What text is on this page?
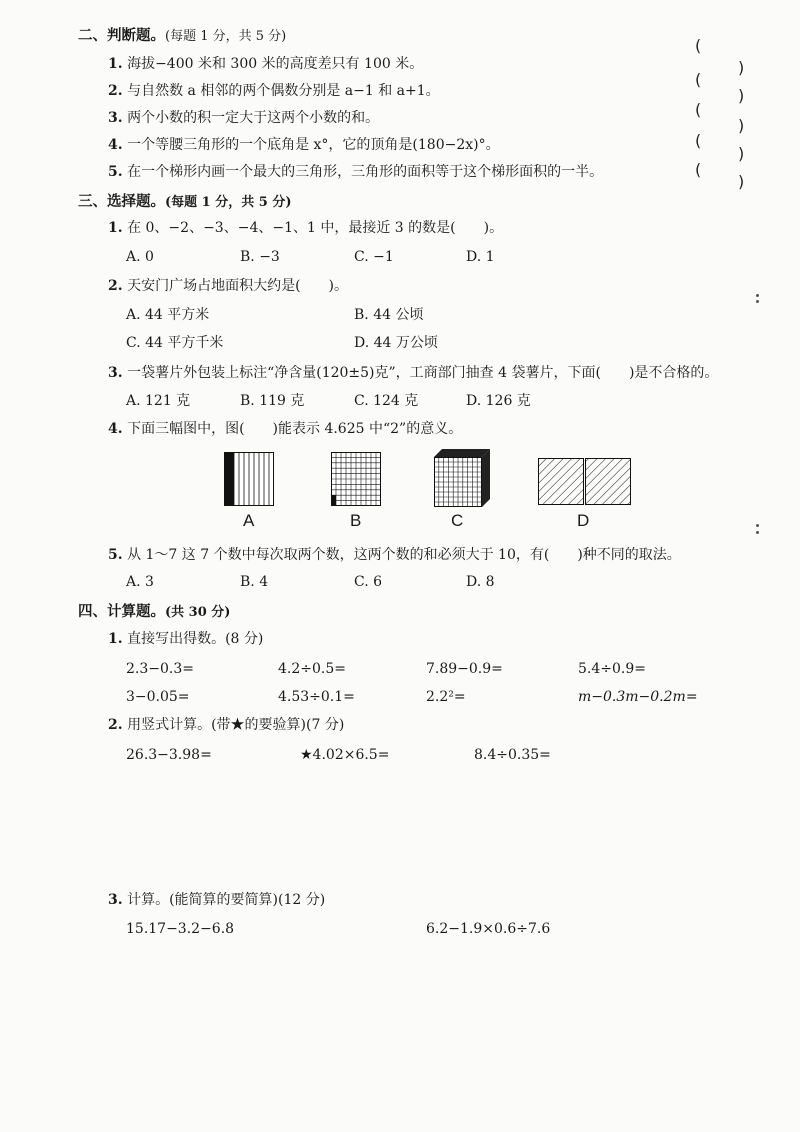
二、判断题。(每题 1 分，共 5 分)
1. 海拔−400 米和 300 米的高度差只有 100 米。
2. 与自然数 a 相邻的两个偶数分别是 a−1 和 a+1。
3. 两个小数的积一定大于这两个小数的和。
4. 一个等腰三角形的一个底角是 x°，它的顶角是(180−2x)°。
5. 在一个梯形内画一个最大的三角形，三角形的面积等于这个梯形面积的一半。
(
)
(
)
(
)
(
)
(
)
三、选择题。(每题 1 分，共 5 分)
1. 在 0、−2、−3、−4、−1、1 中，最接近 3 的数是(　　)。
A. 0	B. −3	C. −1	D. 1
2. 天安门广场占地面积大约是(　　)。
A. 44 平方米	B. 44 公顷
C. 44 平方千米	D. 44 万公顷
3. 一袋薯片外包装上标注“净含量(120±5)克”，工商部门抽查 4 袋薯片，下面(　　)是不合格的。
A. 121 克	B. 119 克	C. 124 克	D. 126 克
4. 下面三幅图中，图(　　)能表示 4.625 中“2”的意义。
A	B	C	D
5. 从 1～7 这 7 个数中每次取两个数，这两个数的和必须大于 10，有(　　)种不同的取法。
A. 3	B. 4	C. 6	D. 8
四、计算题。(共 30 分)
1. 直接写出得数。(8 分)
2.3−0.3=	4.2÷0.5=	7.89−0.9=	5.4÷0.9=
3−0.05=	4.53÷0.1=	2.2²=	m−0.3m−0.2m=
2. 用竖式计算。(带★的要验算)(7 分)
26.3−3.98=	★4.02×6.5=	8.4÷0.35=
3. 计算。(能简算的要简算)(12 分)
15.17−3.2−6.8	6.2−1.9×0.6÷7.6
